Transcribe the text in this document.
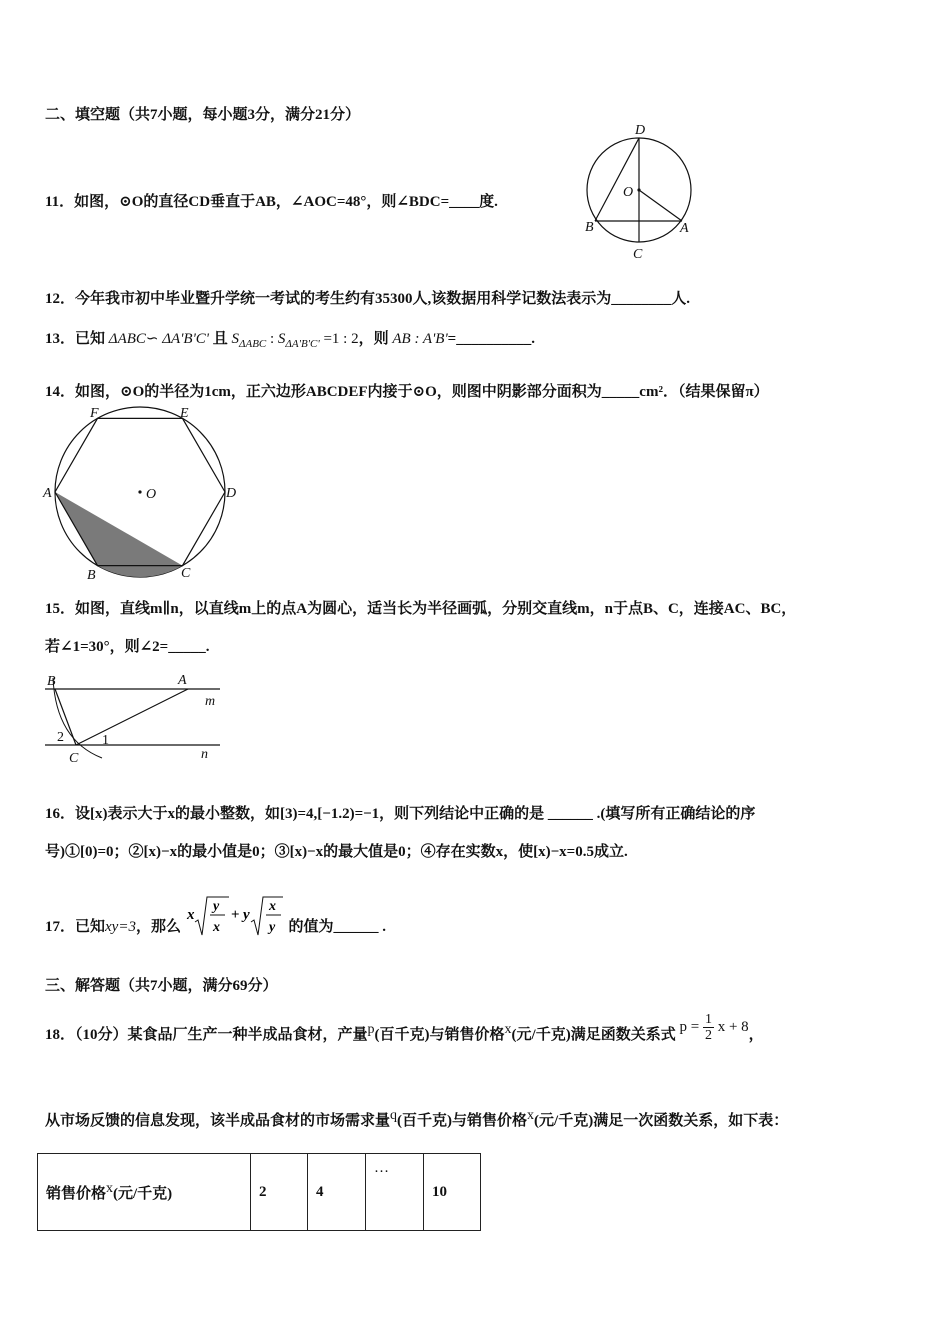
二、填空题（共7小题，每小题3分，满分21分）
11．如图，⊙O的直径CD垂直于AB，∠AOC=48°，则∠BDC=____度.
D
O
B	A
C
12．今年我市初中毕业暨升学统一考试的考生约有35300人,该数据用科学记数法表示为________人.
13．已知 ΔABC∽ ΔA'B'C' 且 $S_{\Delta ABC}$ : $S_{\Delta A'B'C'} =1$ : 2，则 AB : A'B'=__________.
14．如图，⊙O的半径为1cm，正六边形ABCDEF内接于⊙O，则图中阴影部分面积为_____cm²．（结果保留π）
F	E
A	O	D
B	C
15．如图，直线m∥n，以直线m上的点A为圆心，适当长为半径画弧，分别交直线m，n于点B、C，连接AC、BC，
若∠1=30°，则∠2=_____.
B	A
m
2	1
C	n
16．设[x)表示大于x的最小整数，如[3)=4,[−1.2)=−1，则下列结论中正确的是 ______ .(填写所有正确结论的序
号)①[0)=0；②[x)−x的最小值是0；③[x)−x的最大值是0；④存在实数x，使[x)−x=0.5成立.
17．已知xy=3，那么
x
y
x
+ y
x
y 的值为______ .
三、解答题（共7小题，满分69分）
18．（10分）某食品厂生产一种半成品食材，产量$^p$(百千克)与销售价格$^x$(元/千克)满足函数关系式 $p = \frac{1}{2}$ x + 8，
从市场反馈的信息发现，该半成品食材的市场需求量$^q$(百千克)与销售价格$^x$(元/千克)满足一次函数关系，如下表：
销售价格$^x$(元/千克)	2	4	…	10
